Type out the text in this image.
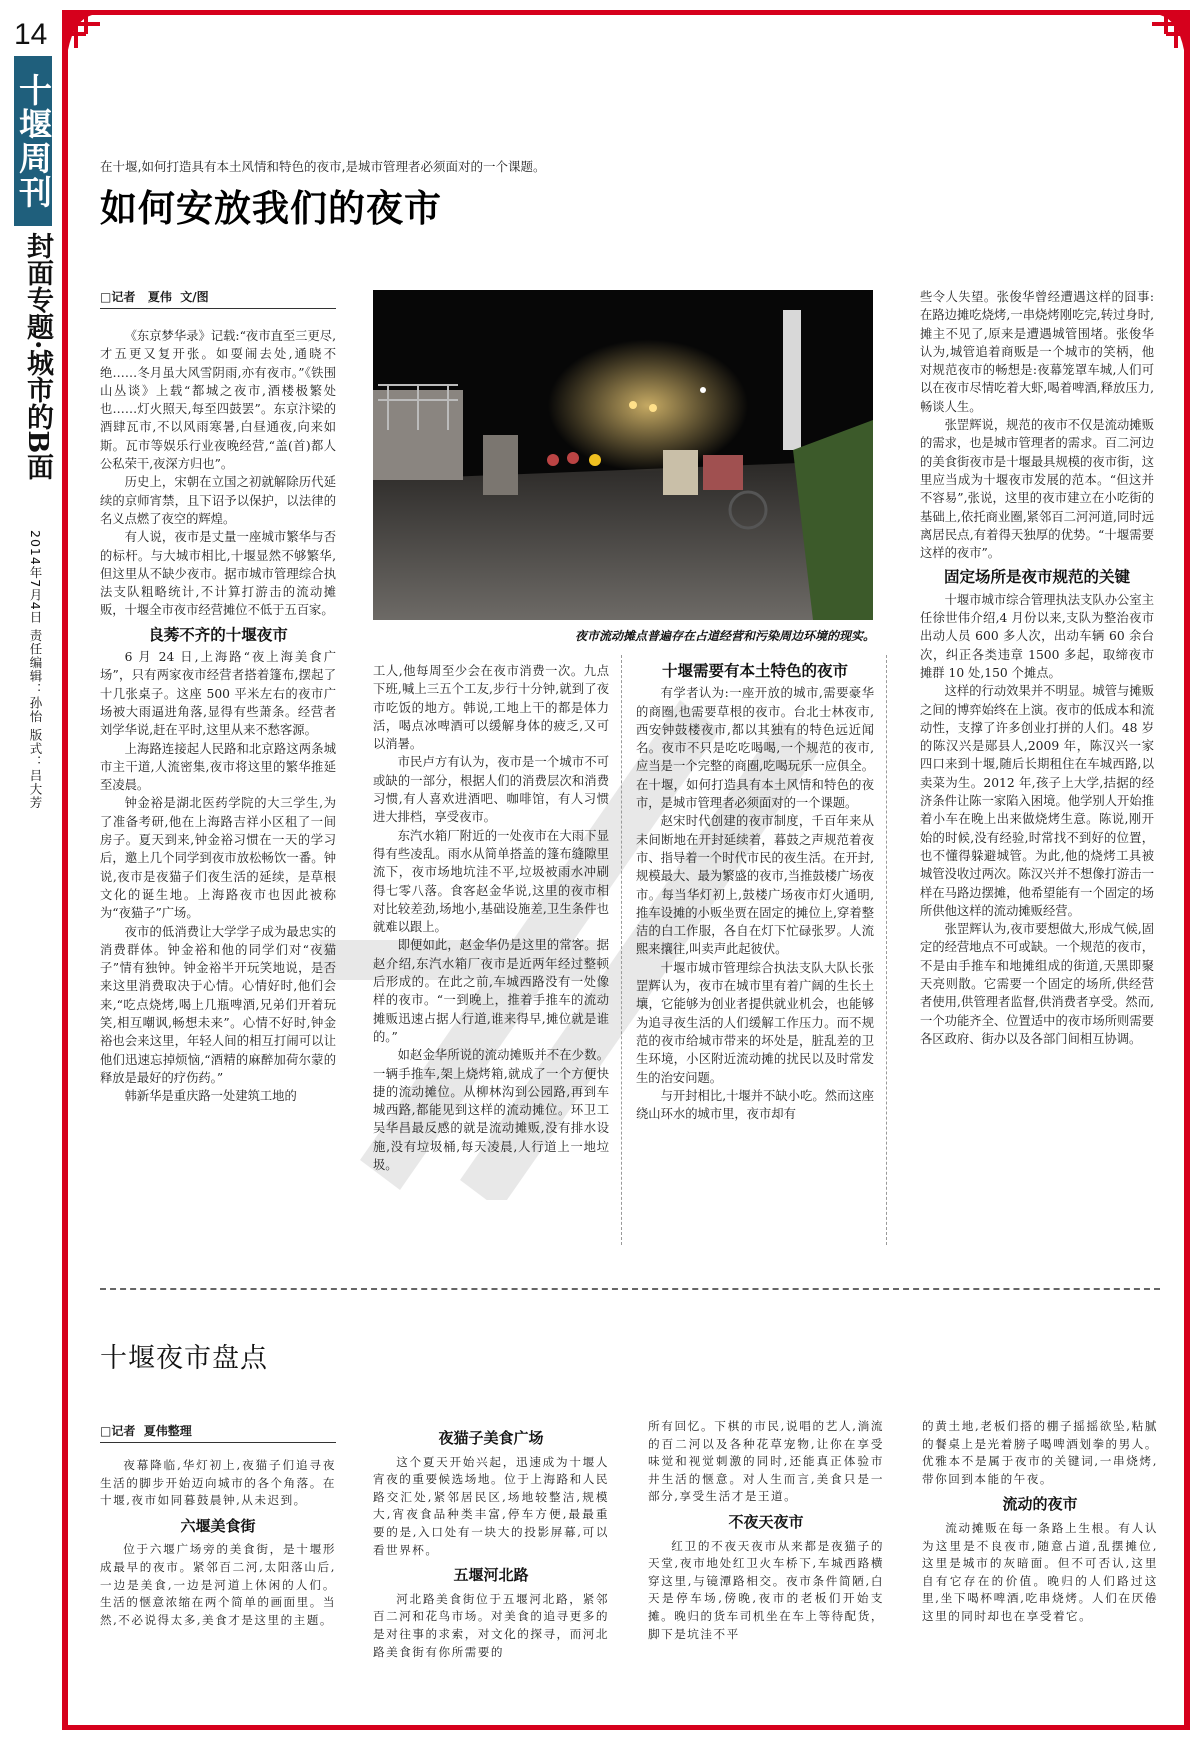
14
十堰周刊
封面专题·城市的B面
2014年7月4日 责任编辑：孙怡 版式：吕大芳
在十堰,如何打造具有本土风情和特色的夜市,是城市管理者必须面对的一个课题。
如何安放我们的夜市
□记者   夏伟  文/图

《东京梦华录》记载:“夜市直至三更尽,才五更又复开张。如耍闹去处,通晓不绝……冬月虽大风雪阴雨,亦有夜市。”《铁围山丛谈》上载“都城之夜市,酒楼极繁处也……灯火照天,每至四鼓罢”。东京汴梁的酒肆瓦市,不以风雨寒暑,白昼通夜,向来如斯。瓦市等娱乐行业夜晚经营,“盖(首)都人公私荣干,夜深方归也”。

历史上，宋朝在立国之初就解除历代延续的京师宵禁，且下诏予以保护，以法律的名义点燃了夜空的辉煌。

有人说，夜市是丈量一座城市繁华与否的标杆。与大城市相比,十堰显然不够繁华,但这里从不缺少夜市。据市城市管理综合执法支队粗略统计,不计算打游击的流动摊贩，十堰全市夜市经营摊位不低于五百家。

良莠不齐的十堰夜市

6 月 24 日,上海路“夜上海美食广场”，只有两家夜市经营者搭着篷布,摆起了十几张桌子。这座 500 平米左右的夜市广场被大雨逼进角落,显得有些萧条。经营者刘学华说,赶在平时,这里从来不愁客源。

上海路连接起人民路和北京路这两条城市主干道,人流密集,夜市将这里的繁华推延至凌晨。

钟金裕是湖北医药学院的大三学生,为了准备考研,他在上海路吉祥小区租了一间房子。夏天到来,钟金裕习惯在一天的学习后，邀上几个同学到夜市放松畅饮一番。钟说,夜市是夜猫子们夜生活的延续，是草根文化的诞生地。上海路夜市也因此被称为“夜猫子”广场。

夜市的低消费让大学学子成为最忠实的消费群体。钟金裕和他的同学们对“夜猫子”情有独钟。钟金裕半开玩笑地说，是否来这里消费取决于心情。心情好时,他们会来,“吃点烧烤,喝上几瓶啤酒,兄弟们开着玩笑,相互嘲讽,畅想未来”。心情不好时,钟金裕也会来这里，年轻人间的相互打闹可以让他们迅速忘掉烦恼,“酒精的麻醉加荷尔蒙的释放是最好的疗伤药。”

韩新华是重庆路一处建筑工地的

夜市流动摊点普遍存在占道经营和污染周边环境的现实。

工人,他每周至少会在夜市消费一次。九点下班,喊上三五个工友,步行十分钟,就到了夜市吃饭的地方。韩说,工地上干的都是体力活，喝点冰啤酒可以缓解身体的疲乏,又可以消暑。

市民卢方有认为，夜市是一个城市不可或缺的一部分，根据人们的消费层次和消费习惯,有人喜欢进酒吧、咖啡馆，有人习惯进大排档，享受夜市。

东汽水箱厂附近的一处夜市在大雨下显得有些凌乱。雨水从简单搭盖的篷布缝隙里流下，夜市场地坑洼不平,垃圾被雨水冲刷得七零八落。食客赵金华说,这里的夜市相对比较差劲,场地小,基础设施差,卫生条件也就难以跟上。

即便如此，赵金华仍是这里的常客。据赵介绍,东汽水箱厂夜市是近两年经过整顿后形成的。在此之前,车城西路没有一处像样的夜市。“一到晚上，推着手推车的流动摊贩迅速占据人行道,谁来得早,摊位就是谁的。”

如赵金华所说的流动摊贩并不在少数。一辆手推车,架上烧烤箱,就成了一个方便快捷的流动摊位。从柳林沟到公园路,再到车城西路,都能见到这样的流动摊位。环卫工吴华昌最反感的就是流动摊贩,没有排水设施,没有垃圾桶,每天凌晨,人行道上一地垃圾。

十堰需要有本土特色的夜市

有学者认为:一座开放的城市,需要豪华的商圈,也需要草根的夜市。台北士林夜市,西安钟鼓楼夜市,都以其独有的特色远近闻名。夜市不只是吃吃喝喝,一个规范的夜市,应当是一个完整的商圈,吃喝玩乐一应俱全。在十堰，如何打造具有本土风情和特色的夜市，是城市管理者必须面对的一个课题。

赵宋时代创建的夜市制度，千百年来从未间断地在开封延续着，暮鼓之声规范着夜市、指导着一个时代市民的夜生活。在开封,规模最大、最为繁盛的夜市,当推鼓楼广场夜市。每当华灯初上,鼓楼广场夜市灯火通明,推车设摊的小贩坐贾在固定的摊位上,穿着整洁的白工作服，各自在灯下忙碌张罗。人流熙来攘往,叫卖声此起彼伏。

十堰市城市管理综合执法支队大队长张罡辉认为，夜市在城市里有着广阔的生长土壤，它能够为创业者提供就业机会，也能够为追寻夜生活的人们缓解工作压力。而不规范的夜市给城市带来的坏处是，脏乱差的卫生环境，小区附近流动摊的扰民以及时常发生的治安问题。

与开封相比,十堰并不缺小吃。然而这座绕山环水的城市里，夜市却有

些令人失望。张俊华曾经遭遇这样的囧事:在路边摊吃烧烤,一串烧烤刚吃完,转过身时,摊主不见了,原来是遭遇城管围堵。张俊华认为,城管追着商贩是一个城市的笑柄，他对规范夜市的畅想是:夜幕笼罩车城,人们可以在夜市尽情吃着大虾,喝着啤酒,释放压力,畅谈人生。

张罡辉说，规范的夜市不仅是流动摊贩的需求，也是城市管理者的需求。百二河边的美食街夜市是十堰最具规模的夜市街，这里应当成为十堰夜市发展的范本。“但这并不容易”,张说，这里的夜市建立在小吃街的基础上,依托商业圈,紧邻百二河河道,同时远离居民点,有着得天独厚的优势。“十堰需要这样的夜市”。

固定场所是夜市规范的关键

十堰市城市综合管理执法支队办公室主任徐世伟介绍,4 月份以来,支队为整治夜市出动人员 600 多人次，出动车辆 60 余台次，纠正各类违章 1500 多起，取缔夜市摊群 10 处,150 个摊点。

这样的行动效果并不明显。城管与摊贩之间的博弈始终在上演。夜市的低成本和流动性，支撑了许多创业打拼的人们。48 岁的陈汉兴是郧县人,2009 年，陈汉兴一家四口来到十堰,随后长期租住在车城西路,以卖菜为生。2012 年,孩子上大学,拮据的经济条件让陈一家陷入困境。他学别人开始推着小车在晚上出来做烧烤生意。陈说,刚开始的时候,没有经验,时常找不到好的位置，也不懂得躲避城管。为此,他的烧烤工具被城管没收过两次。陈汉兴并不想像打游击一样在马路边摆摊，他希望能有一个固定的场所供他这样的流动摊贩经营。

张罡辉认为,夜市要想做大,形成气候,固定的经营地点不可或缺。一个规范的夜市，不是由手推车和地摊组成的街道,天黑即聚天亮则散。它需要一个固定的场所,供经营者使用,供管理者监督,供消费者享受。然而,一个功能齐全、位置适中的夜市场所则需要各区政府、街办以及各部门间相互协调。

十堰夜市盘点
□记者  夏伟整理

夜幕降临,华灯初上,夜猫子们追寻夜生活的脚步开始迈向城市的各个角落。在十堰,夜市如同暮鼓晨钟,从未迟到。

六堰美食街

位于六堰广场旁的美食街，是十堰形成最早的夜市。紧邻百二河,太阳落山后,一边是美食,一边是河道上休闲的人们。生活的惬意浓缩在两个简单的画面里。当然,不必说得太多,美食才是这里的主题。

夜猫子美食广场

这个夏天开始兴起，迅速成为十堰人宵夜的重要候选场地。位于上海路和人民路交汇处,紧邻居民区,场地较整洁,规模大,宵夜食品种类丰富,停车方便,最最重要的是,入口处有一块大的投影屏幕,可以看世界杯。

五堰河北路

河北路美食街位于五堰河北路，紧邻百二河和花鸟市场。对美食的追寻更多的是对往事的求索，对文化的探寻，而河北路美食街有你所需要的

所有回忆。下棋的市民,说唱的艺人,淌流的百二河以及各种花草宠物,让你在享受味觉和视觉刺激的同时,还能真正体验市井生活的惬意。对人生而言,美食只是一部分,享受生活才是王道。

不夜天夜市

红卫的不夜天夜市从来都是夜猫子的天堂,夜市地处红卫火车桥下,车城西路横穿这里,与镜潭路相交。夜市条件简陋,白天是停车场,傍晚,夜市的老板们开始支摊。晚归的货车司机坐在车上等待配货，脚下是坑洼不平

的黄土地,老板们搭的棚子摇摇欲坠,粘腻的餐桌上是光着膀子喝啤酒划拳的男人。优雅本不是属于夜市的关键词,一串烧烤,带你回到本能的午夜。

流动的夜市

流动摊贩在每一条路上生根。有人认为这里是不良夜市,随意占道,乱摆摊位,这里是城市的灰暗面。但不可否认,这里自有它存在的价值。晚归的人们路过这里,坐下喝杯啤酒,吃串烧烤。人们在厌倦这里的同时却也在享受着它。
